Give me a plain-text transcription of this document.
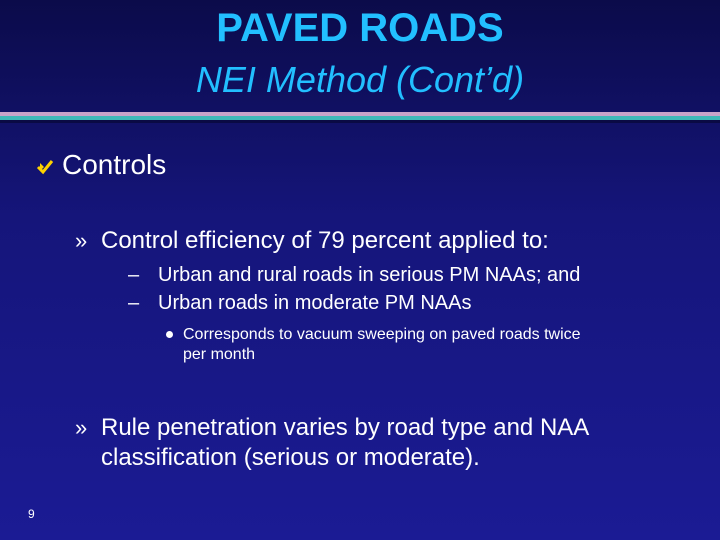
PAVED ROADS
NEI Method (Cont’d)
Controls
» Control efficiency of 79 percent applied to:
– Urban and rural roads in serious PM NAAs; and
– Urban roads in moderate PM NAAs
Corresponds to vacuum sweeping on paved roads twice
per month
» Rule penetration varies by road type and NAA
classification (serious or moderate).
9
